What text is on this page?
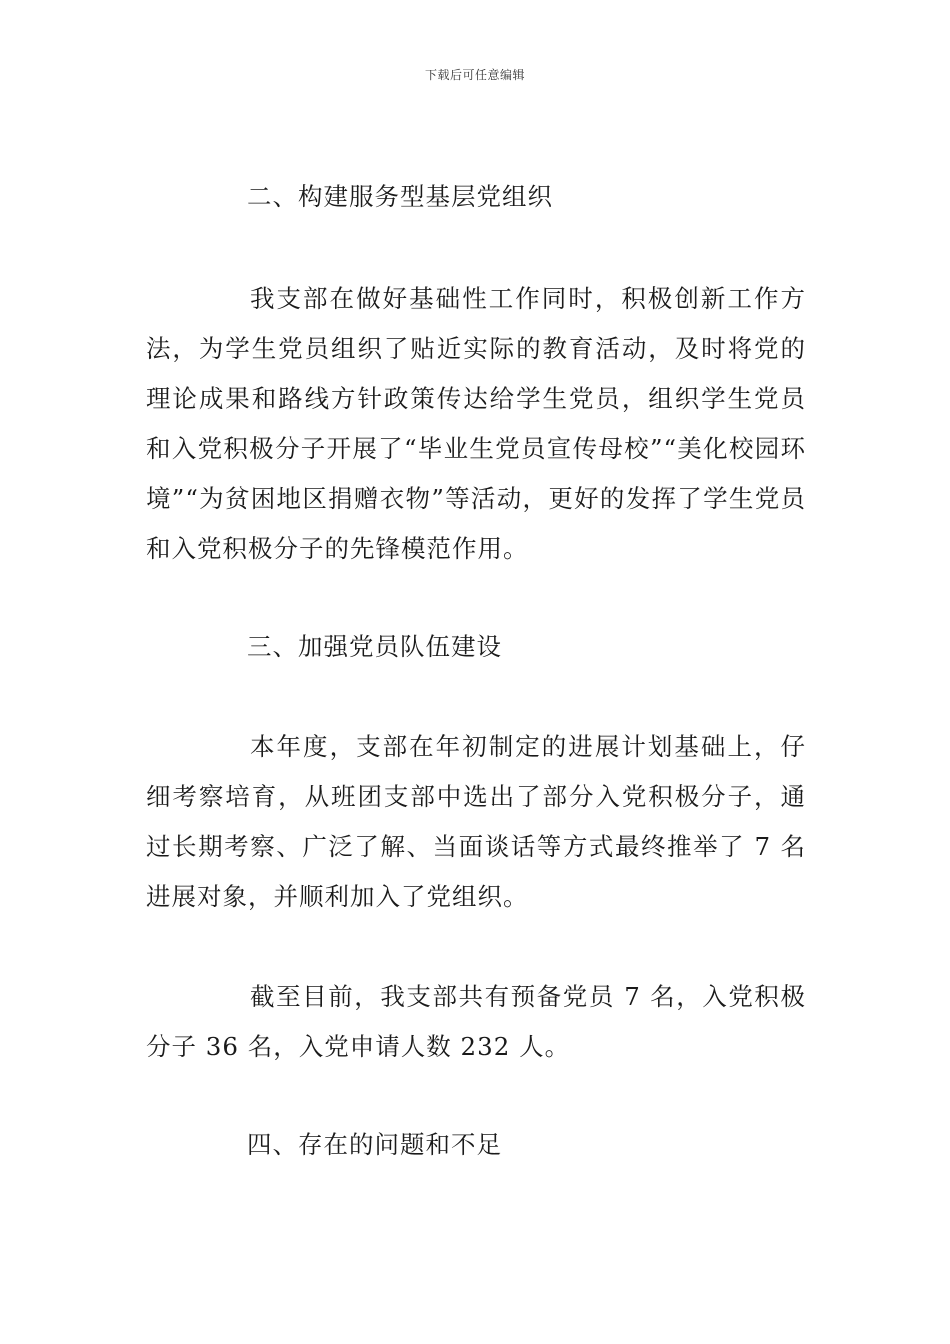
下载后可任意编辑
二、构建服务型基层党组织

我支部在做好基础性工作同时，积极创新工作方法，为学生党员组织了贴近实际的教育活动，及时将党的理论成果和路线方针政策传达给学生党员，组织学生党员和入党积极分子开展了“毕业生党员宣传母校”“美化校园环境”“为贫困地区捐赠衣物”等活动，更好的发挥了学生党员和入党积极分子的先锋模范作用。

三、加强党员队伍建设

本年度，支部在年初制定的进展计划基础上，仔细考察培育，从班团支部中选出了部分入党积极分子，通过长期考察、广泛了解、当面谈话等方式最终推举了 7 名进展对象，并顺利加入了党组织。

截至目前，我支部共有预备党员 7 名，入党积极分子 36 名，入党申请人数 232 人。

四、存在的问题和不足
